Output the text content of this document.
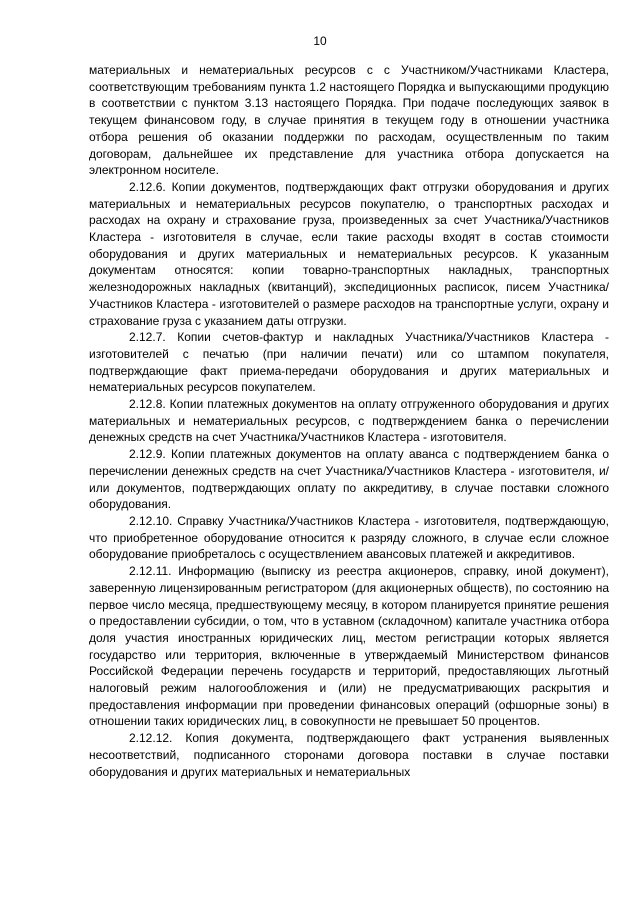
10

материальных и нематериальных ресурсов с с Участником/Участниками Кластера, соответствующим требованиям пункта 1.2 настоящего Порядка и выпускающими продукцию в соответствии с пунктом 3.13 настоящего Порядка. При подаче последующих заявок в текущем финансовом году, в случае принятия в текущем году в отношении участника отбора решения об оказании поддержки по расходам, осуществленным по таким договорам, дальнейшее их представление для участника отбора допускается на электронном носителе.

2.12.6. Копии документов, подтверждающих факт отгрузки оборудования и других материальных и нематериальных ресурсов покупателю, о транспортных расходах и расходах на охрану и страхование груза, произведенных за счет Участника/Участников Кластера - изготовителя в случае, если такие расходы входят в состав стоимости оборудования и других материальных и нематериальных ресурсов. К указанным документам относятся: копии товарно-транспортных накладных, транспортных железнодорожных накладных (квитанций), экспедиционных расписок, писем Участника/Участников Кластера - изготовителей о размере расходов на транспортные услуги, охрану и страхование груза с указанием даты отгрузки.

2.12.7. Копии счетов-фактур и накладных Участника/Участников Кластера - изготовителей с печатью (при наличии печати) или со штампом покупателя, подтверждающие факт приема-передачи оборудования и других материальных и нематериальных ресурсов покупателем.

2.12.8. Копии платежных документов на оплату отгруженного оборудования и других материальных и нематериальных ресурсов, с подтверждением банка о перечислении денежных средств на счет Участника/Участников Кластера - изготовителя.

2.12.9. Копии платежных документов на оплату аванса с подтверждением банка о перечислении денежных средств на счет Участника/Участников Кластера - изготовителя, и/или документов, подтверждающих оплату по аккредитиву, в случае поставки сложного оборудования.

2.12.10. Справку Участника/Участников Кластера - изготовителя, подтверждающую, что приобретенное оборудование относится к разряду сложного, в случае если сложное оборудование приобреталось с осуществлением авансовых платежей и аккредитивов.

2.12.11. Информацию (выписку из реестра акционеров, справку, иной документ), заверенную лицензированным регистратором (для акционерных обществ), по состоянию на первое число месяца, предшествующему месяцу, в котором планируется принятие решения о предоставлении субсидии, о том, что в уставном (складочном) капитале участника отбора доля участия иностранных юридических лиц, местом регистрации которых является государство или территория, включенные в утверждаемый Министерством финансов Российской Федерации перечень государств и территорий, предоставляющих льготный налоговый режим налогообложения и (или) не предусматривающих раскрытия и предоставления информации при проведении финансовых операций (офшорные зоны) в отношении таких юридических лиц, в совокупности не превышает 50 процентов.

2.12.12. Копия документа, подтверждающего факт устранения выявленных несоответствий, подписанного сторонами договора поставки в случае поставки оборудования и других материальных и нематериальных
